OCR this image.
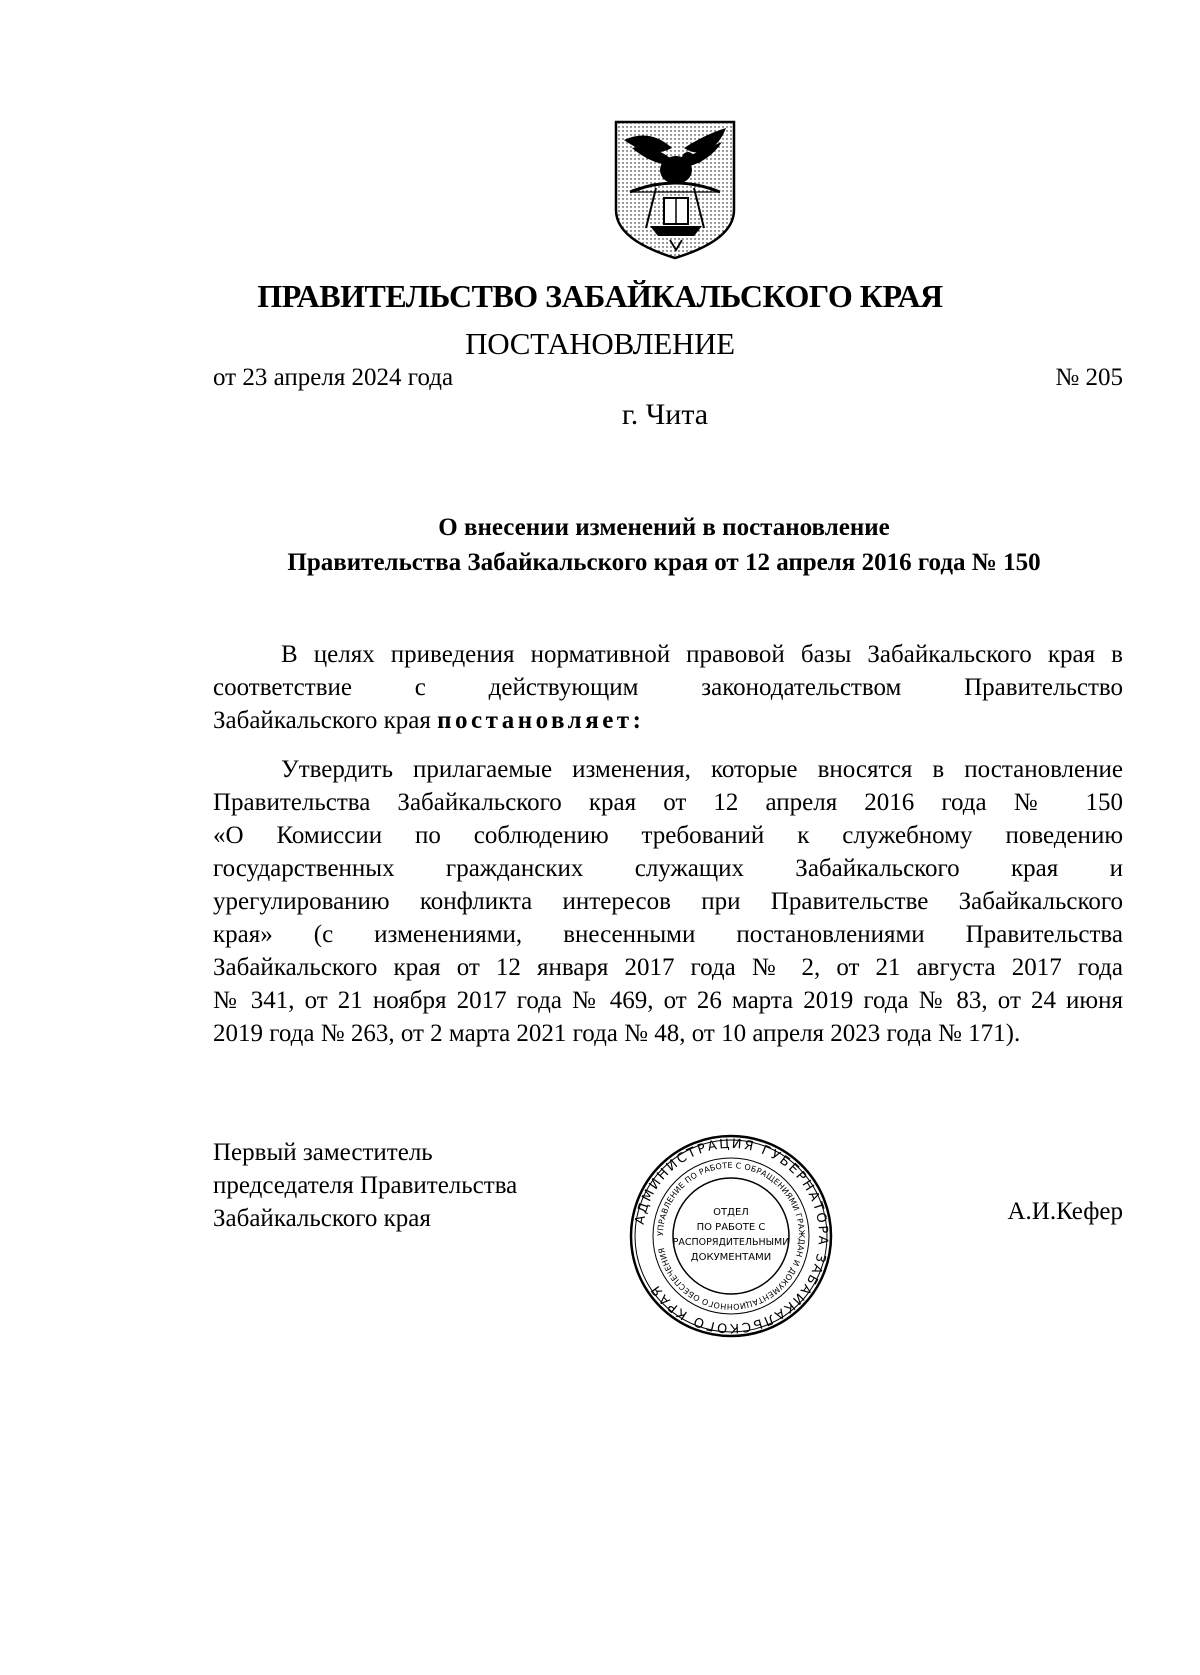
ПРАВИТЕЛЬСТВО ЗАБАЙКАЛЬСКОГО КРАЯ
ПОСТАНОВЛЕНИЕ
от 23 апреля 2024 года	№ 205
г. Чита
О внесении изменений в постановление
Правительства Забайкальского края от 12 апреля 2016 года № 150
В целях приведения нормативной правовой базы Забайкальского края в
соответствие с действующим законодательством Правительство
Забайкальского края постановляет:
Утвердить прилагаемые изменения, которые вносятся в постановление
Правительства Забайкальского края от 12 апреля 2016 года № 150
«О Комиссии по соблюдению требований к служебному поведению
государственных гражданских служащих Забайкальского края и
урегулированию конфликта интересов при Правительстве Забайкальского
края» (с изменениями, внесенными постановлениями Правительства
Забайкальского края от 12 января 2017 года № 2, от 21 августа 2017 года
№ 341, от 21 ноября 2017 года № 469, от 26 марта 2019 года № 83, от 24 июня
2019 года № 263, от 2 марта 2021 года № 48, от 10 апреля 2023 года № 171).
Первый заместитель
председателя Правительства
Забайкальского края	АДМИНИСТРАЦИЯ ГУБЕРНАТОРА ЗАБАЙКАЛЬСКОГО КРАЯ
УПРАВЛЕНИЕ ПО РАБОТЕ С ОБРАЩЕНИЯМИ ГРАЖДАН И ДОКУМЕНТАЦИОННОГО ОБЕСПЕЧЕНИЯ
ОТДЕЛ
ПО РАБОТЕ С
РАСПОРЯДИТЕЛЬНЫМИ
ДОКУМЕНТАМИ
А.И.Кефер
